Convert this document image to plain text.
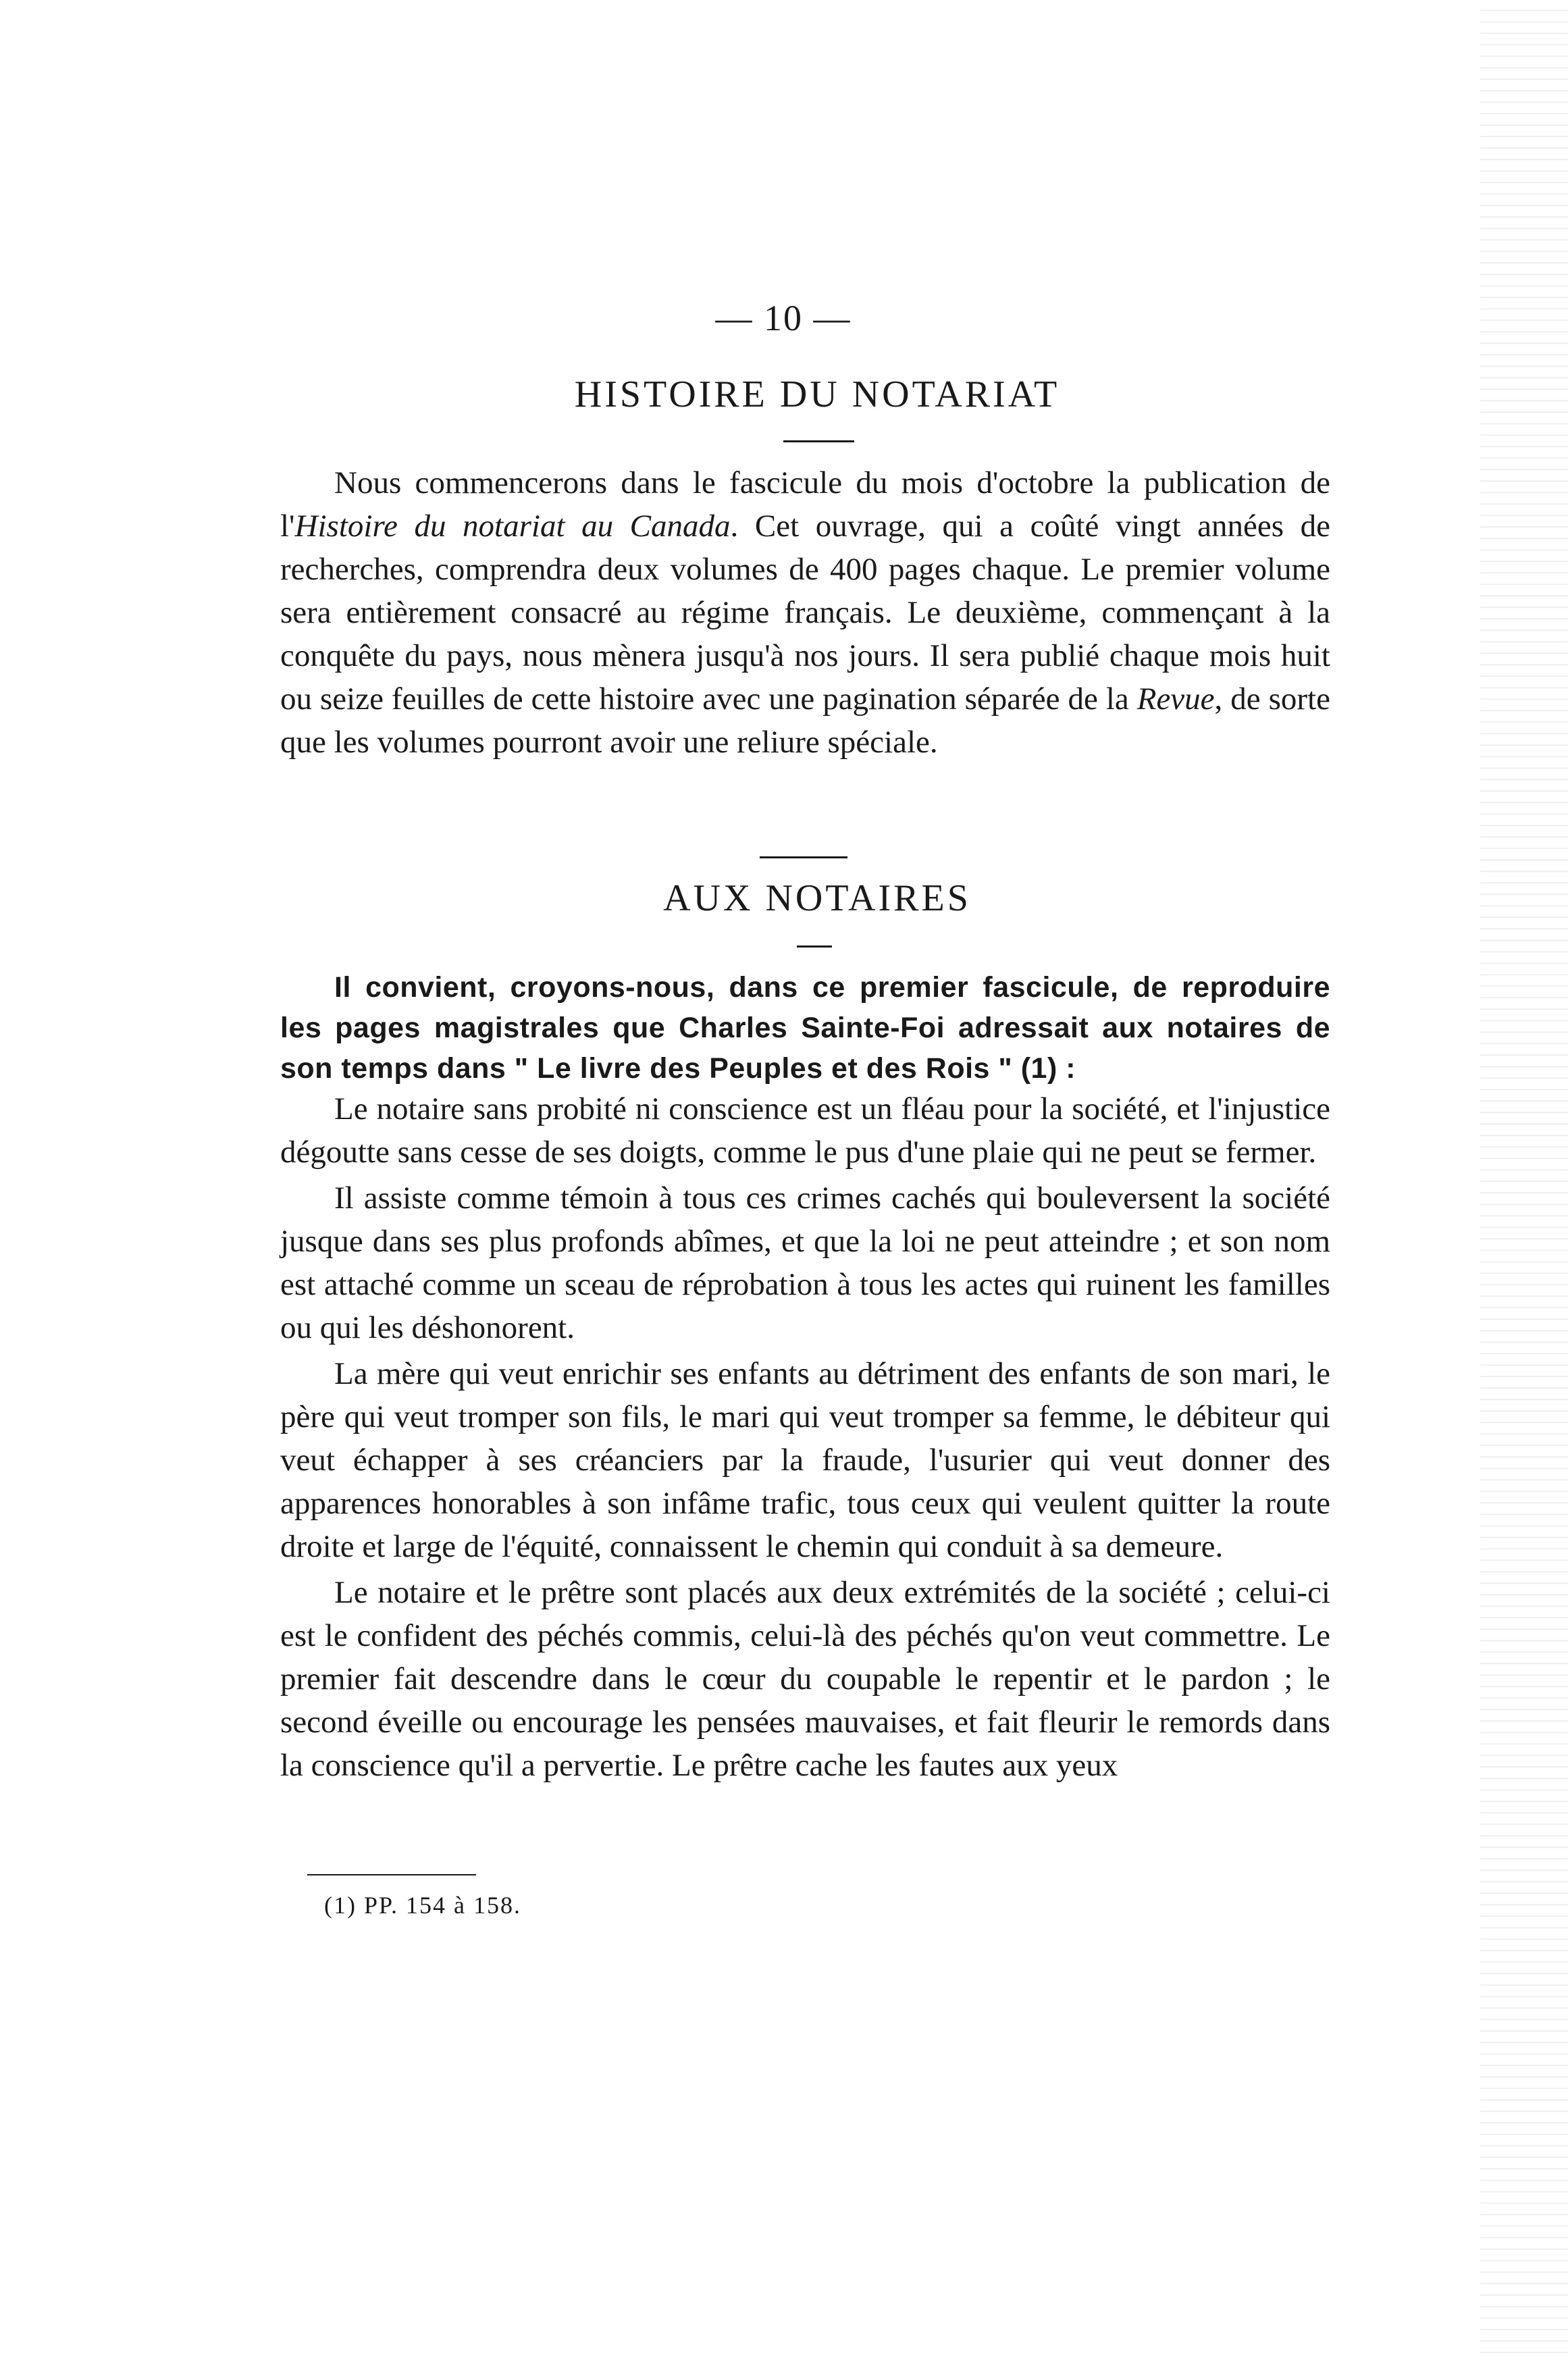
— 10 —
HISTOIRE DU NOTARIAT

Nous commencerons dans le fascicule du mois d'octobre la publication de l'Histoire du notariat au Canada. Cet ouvrage, qui a coûté vingt années de recherches, comprendra deux volumes de 400 pages chaque. Le premier volume sera entièrement consacré au régime français. Le deuxième, commençant à la conquête du pays, nous mènera jusqu'à nos jours. Il sera publié chaque mois huit ou seize feuilles de cette histoire avec une pagination séparée de la Revue, de sorte que les volumes pourront avoir une reliure spéciale.

AUX NOTAIRES

Il convient, croyons-nous, dans ce premier fascicule, de reproduire les pages magistrales que Charles Sainte-Foi adressait aux notaires de son temps dans " Le livre des Peuples et des Rois " (1) :

Le notaire sans probité ni conscience est un fléau pour la société, et l'injustice dégoutte sans cesse de ses doigts, comme le pus d'une plaie qui ne peut se fermer.

Il assiste comme témoin à tous ces crimes cachés qui bouleversent la société jusque dans ses plus profonds abîmes, et que la loi ne peut atteindre ; et son nom est attaché comme un sceau de réprobation à tous les actes qui ruinent les familles ou qui les déshonorent.

La mère qui veut enrichir ses enfants au détriment des enfants de son mari, le père qui veut tromper son fils, le mari qui veut tromper sa femme, le débiteur qui veut échapper à ses créanciers par la fraude, l'usurier qui veut donner des apparences honorables à son infâme trafic, tous ceux qui veulent quitter la route droite et large de l'équité, connaissent le chemin qui conduit à sa demeure.

Le notaire et le prêtre sont placés aux deux extrémités de la société ; celui-ci est le confident des péchés commis, celui-là des péchés qu'on veut commettre. Le premier fait descendre dans le cœur du coupable le repentir et le pardon ; le second éveille ou encourage les pensées mauvaises, et fait fleurir le remords dans la conscience qu'il a pervertie. Le prêtre cache les fautes aux yeux

(1) PP. 154 à 158.
